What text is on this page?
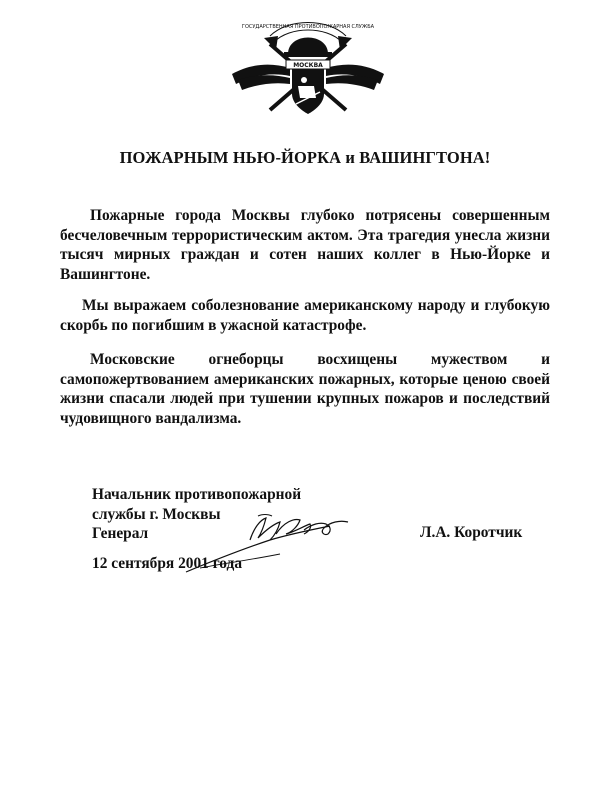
ГОСУДАРСТВЕННАЯ ПРОТИВОПОЖАРНАЯ СЛУЖБА
МОСКВА
ПОЖАРНЫМ НЬЮ-ЙОРКА и ВАШИНГТОНА!

Пожарные города Москвы глубоко потрясены совершенным бесчеловечным террористическим актом. Эта трагедия унесла жизни тысяч мирных граждан и сотен наших коллег в Нью-Йорке и Вашингтоне.

Мы выражаем соболезнование американскому народу и глубокую скорбь по погибшим в ужасной катастрофе.

Московские огнеборцы восхищены мужеством и самопожертвованием американских пожарных, которые ценою своей жизни спасали людей при тушении крупных пожаров и последствий чудовищного вандализма.

Начальник противопожарной
службы г. Москвы
Генерал	Л.А. Коротчик
12 сентября 2001 года
